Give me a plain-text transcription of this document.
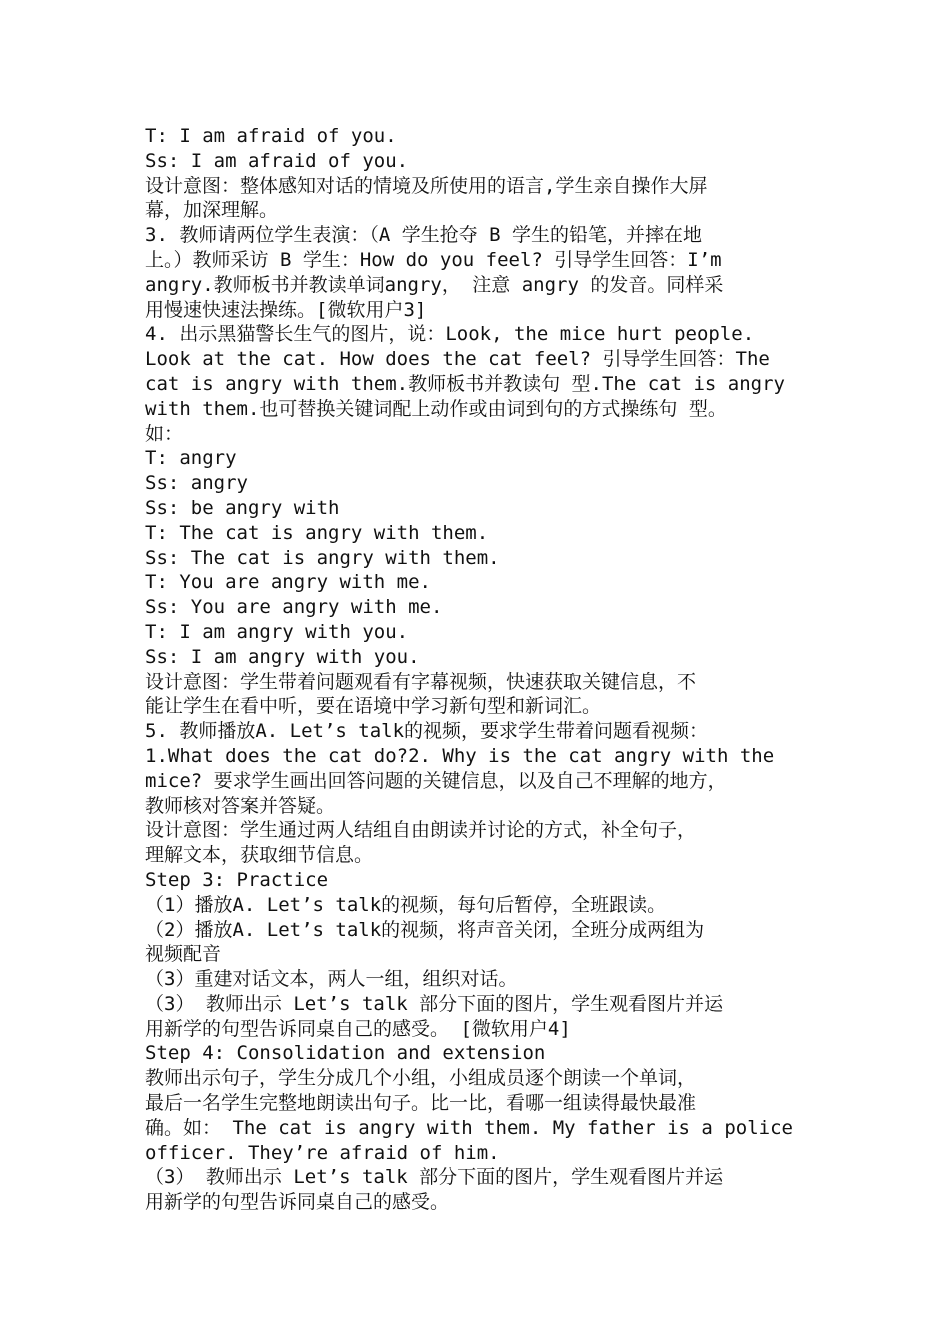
T: I am afraid of you.
Ss: I am afraid of you.
设计意图：整体感知对话的情境及所使用的语言,学生亲自操作大屏
幕，加深理解。
3. 教师请两位学生表演：（A 学生抢夺 B 学生的铅笔，并摔在地
上。）教师采访 B 学生：How do you feel? 引导学生回答：I’m
angry.教师板书并教读单词angry， 注意 angry 的发音。同样采
用慢速快速法操练。[微软用户3]
4. 出示黑猫警长生气的图片，说：Look, the mice hurt people.
Look at the cat. How does the cat feel? 引导学生回答：The
cat is angry with them.教师板书并教读句 型.The cat is angry
with them.也可替换关键词配上动作或由词到句的方式操练句 型。
如：
T: angry
Ss: angry
Ss: be angry with
T: The cat is angry with them.
Ss: The cat is angry with them.
T: You are angry with me.
Ss: You are angry with me.
T: I am angry with you.
Ss: I am angry with you.
设计意图：学生带着问题观看有字幕视频，快速获取关键信息，不
能让学生在看中听，要在语境中学习新句型和新词汇。
5. 教师播放A. Let’s talk的视频，要求学生带着问题看视频：
1.What does the cat do?2. Why is the cat angry with the
mice? 要求学生画出回答问题的关键信息，以及自己不理解的地方，
教师核对答案并答疑。
设计意图：学生通过两人结组自由朗读并讨论的方式，补全句子，
理解文本，获取细节信息。
Step 3: Practice
（1）播放A. Let’s talk的视频，每句后暂停，全班跟读。
（2）播放A. Let’s talk的视频，将声音关闭，全班分成两组为
视频配音
（3）重建对话文本，两人一组，组织对话。
（3） 教师出示 Let’s talk 部分下面的图片，学生观看图片并运
用新学的句型告诉同桌自己的感受。 [微软用户4]
Step 4: Consolidation and extension
教师出示句子，学生分成几个小组，小组成员逐个朗读一个单词，
最后一名学生完整地朗读出句子。比一比，看哪一组读得最快最准
确。如： The cat is angry with them. My father is a police
officer. They’re afraid of him.
（3） 教师出示 Let’s talk 部分下面的图片，学生观看图片并运
用新学的句型告诉同桌自己的感受。
